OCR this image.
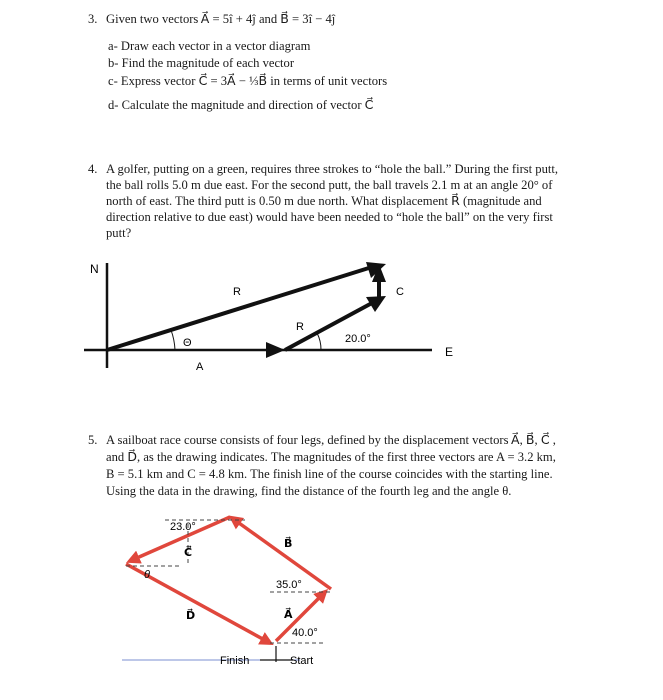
3. Given two vectors A⃗ = 5î + 4ĵ and B⃗ = 3î − 4ĵ
a- Draw each vector in a vector diagram
b- Find the magnitude of each vector
c- Express vector C⃗ = 3A⃗ − ⅓B⃗ in terms of unit vectors
d- Calculate the magnitude and direction of vector C⃗
4. A golfer, putting on a green, requires three strokes to “hole the ball.” During the first putt,
the ball rolls 5.0 m due east. For the second putt, the ball travels 2.1 m at an angle 20° of
north of east. The third putt is 0.50 m due north. What displacement R⃗ (magnitude and
direction relative to due east) would have been needed to “hole the ball” on the very first
putt?
N
E
R	C
R
Θ	20.0°
A
5. A sailboat race course consists of four legs, defined by the displacement vectors A⃗, B⃗, C⃗ ,
and D⃗, as the drawing indicates. The magnitudes of the first three vectors are A = 3.2 km,
B = 5.1 km and C = 4.8 km. The finish line of the course coincides with the starting line.
Using the data in the drawing, find the distance of the fourth leg and the angle θ.
23.0°
C⃗
θ
D⃗
B⃗
35.0°
A⃗
40.0°
Finish	Start
